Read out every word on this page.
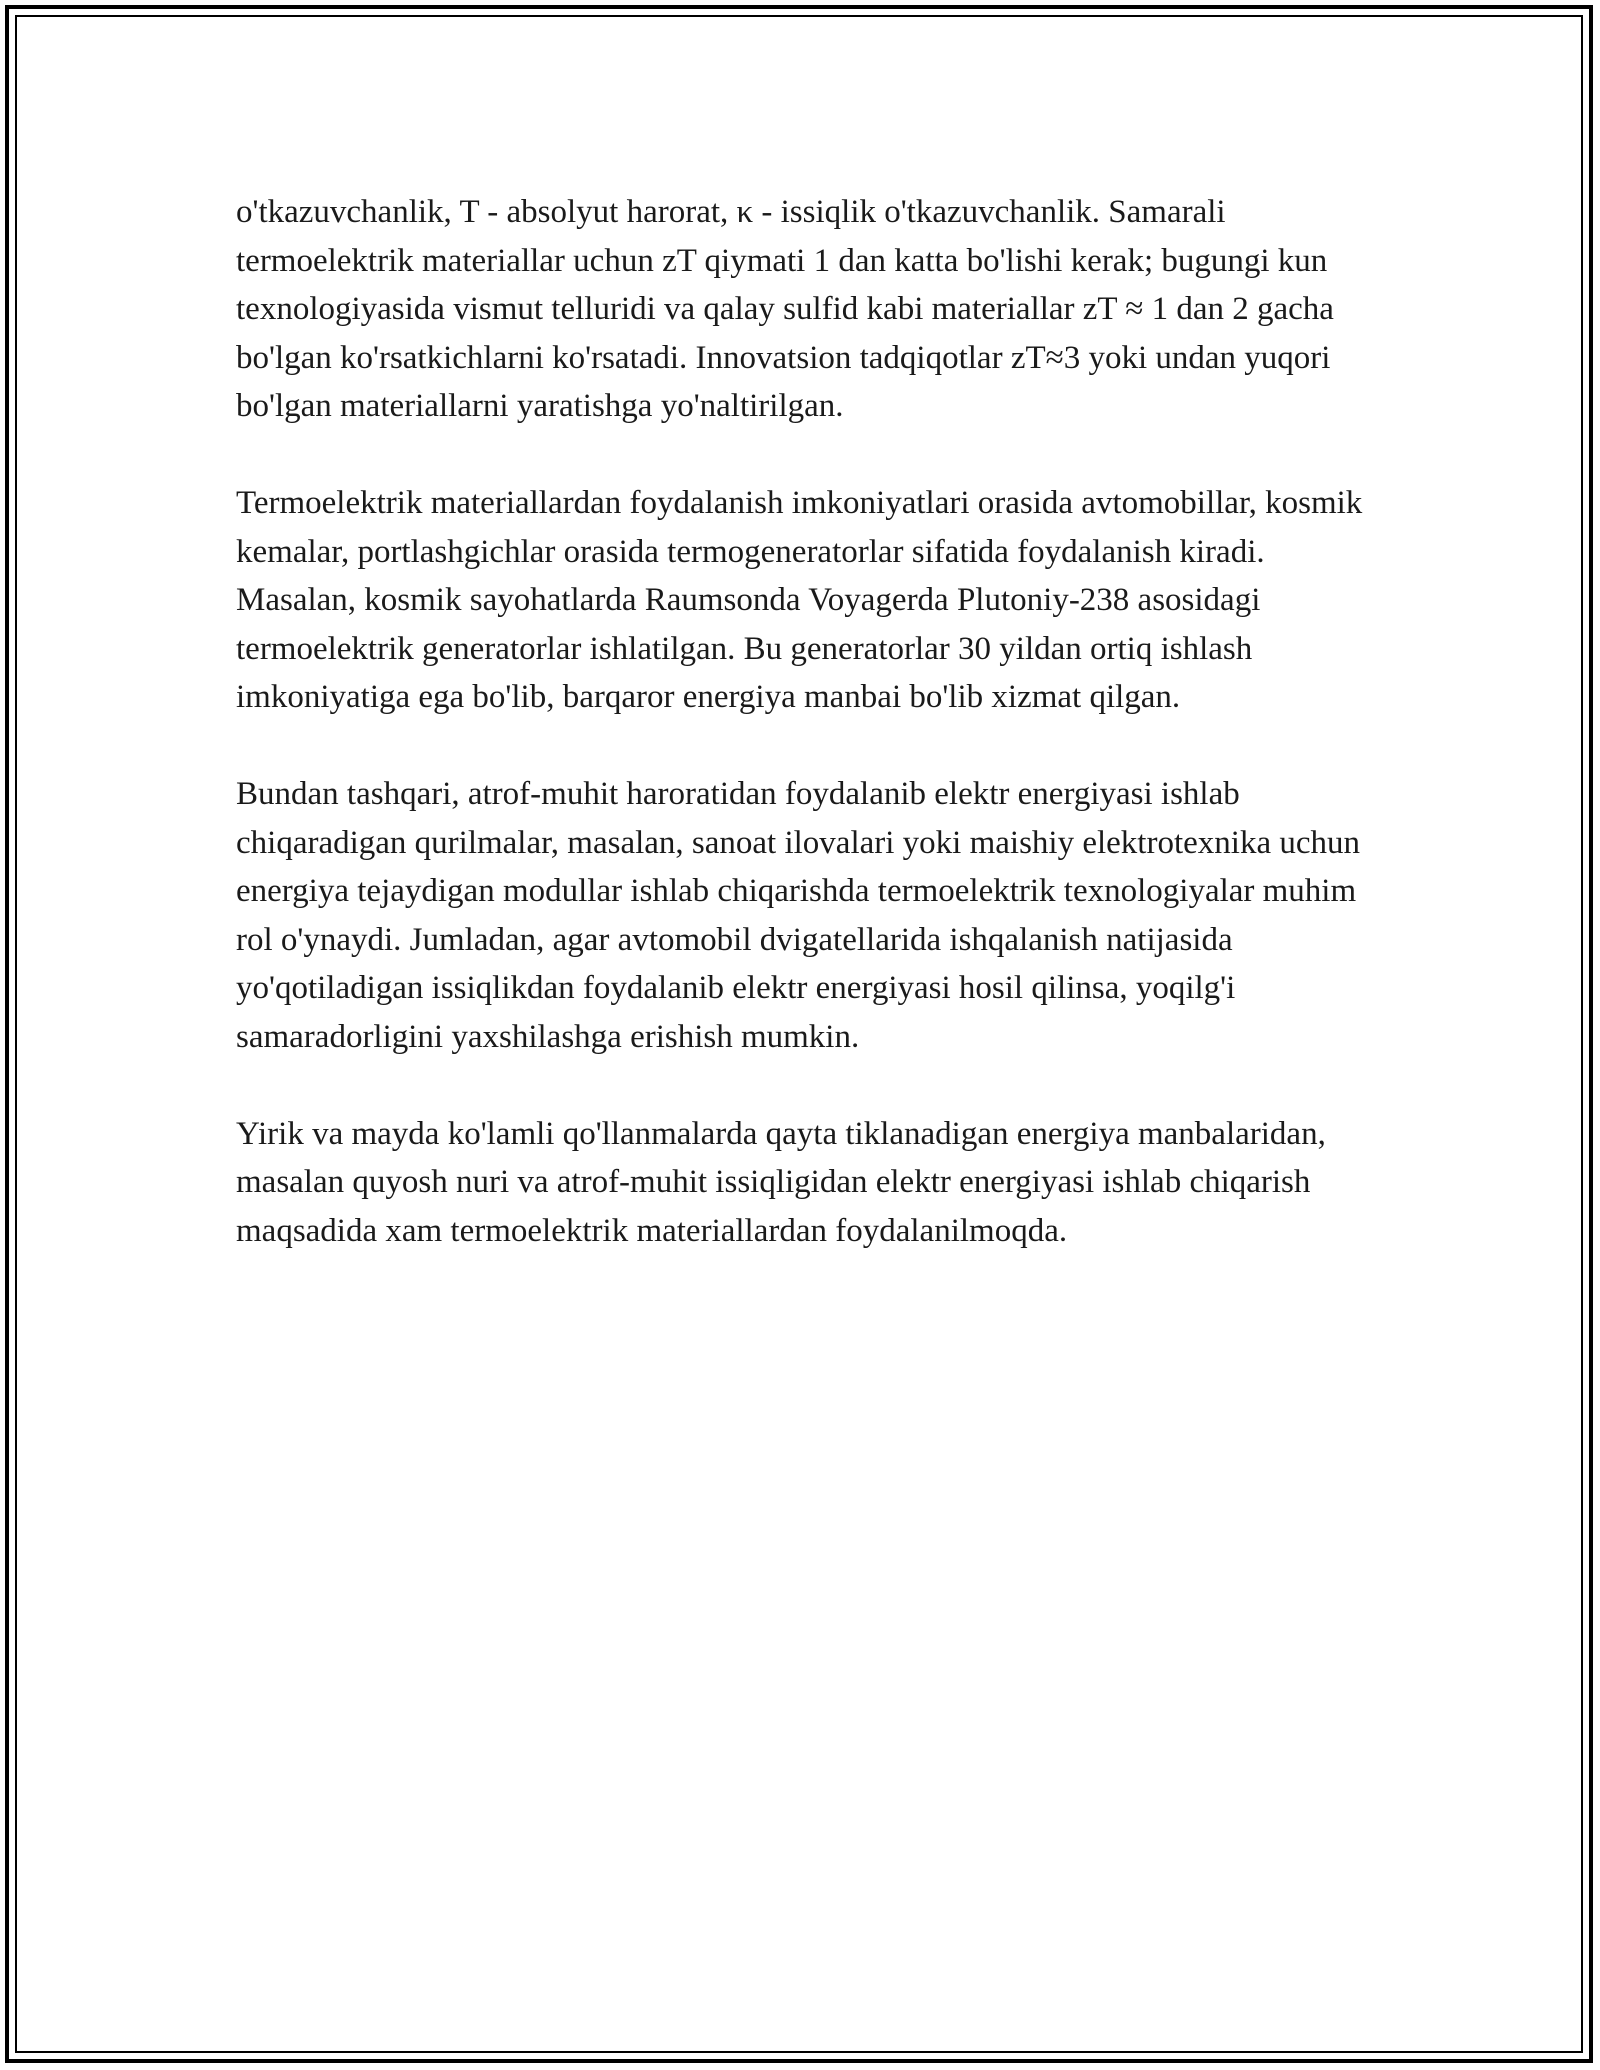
o'tkazuvchanlik, T - absolyut harorat, κ - issiqlik o'tkazuvchanlik. Samarali termoelektrik materiallar uchun zT qiymati 1 dan katta bo'lishi kerak; bugungi kun texnologiyasida vismut telluridi va qalay sulfid kabi materiallar zT ≈ 1 dan 2 gacha bo'lgan ko'rsatkichlarni ko'rsatadi. Innovatsion tadqiqotlar zT≈3 yoki undan yuqori bo'lgan materiallarni yaratishga yo'naltirilgan.

Termoelektrik materiallardan foydalanish imkoniyatlari orasida avtomobillar, kosmik kemalar, portlashgichlar orasida termogeneratorlar sifatida foydalanish kiradi. Masalan, kosmik sayohatlarda Raumsonda Voyagerda Plutoniy-238 asosidagi termoelektrik generatorlar ishlatilgan. Bu generatorlar 30 yildan ortiq ishlash imkoniyatiga ega bo'lib, barqaror energiya manbai bo'lib xizmat qilgan.

Bundan tashqari, atrof-muhit haroratidan foydalanib elektr energiyasi ishlab chiqaradigan qurilmalar, masalan, sanoat ilovalari yoki maishiy elektrotexnika uchun energiya tejaydigan modullar ishlab chiqarishda termoelektrik texnologiyalar muhim rol o'ynaydi. Jumladan, agar avtomobil dvigatellarida ishqalanish natijasida yo'qotiladigan issiqlikdan foydalanib elektr energiyasi hosil qilinsa, yoqilg'i samaradorligini yaxshilashga erishish mumkin.

Yirik va mayda ko'lamli qo'llanmalarda qayta tiklanadigan energiya manbalaridan, masalan quyosh nuri va atrof-muhit issiqligidan elektr energiyasi ishlab chiqarish maqsadida xam termoelektrik materiallardan foydalanilmoqda.
